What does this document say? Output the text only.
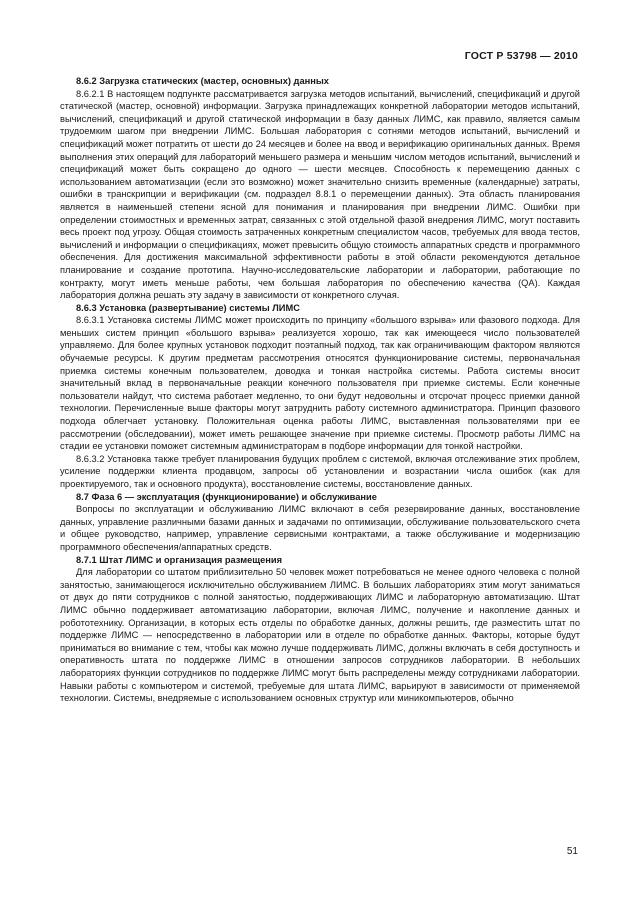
ГОСТ Р 53798 — 2010

8.6.2 Загрузка статических (мастер, основных) данных

8.6.2.1 В настоящем подпункте рассматривается загрузка методов испытаний, вычислений, спецификаций и другой статической (мастер, основной) информации. Загрузка принадлежащих конкретной лаборатории методов испытаний, вычислений, спецификаций и другой статической информации в базу данных ЛИМС, как правило, является самым трудоемким шагом при внедрении ЛИМС. Большая лаборатория с сотнями методов испытаний, вычислений и спецификаций может потратить от шести до 24 месяцев и более на ввод и верификацию оригинальных данных. Время выполнения этих операций для лабораторий меньшего размера и меньшим числом методов испытаний, вычислений и спецификаций может быть сокращено до одного — шести месяцев. Способность к перемещению данных с использованием автоматизации (если это возможно) может значительно снизить временные (календарные) затраты, ошибки в транскрипции и верификации (см. подраздел 8.8.1 о перемещении данных). Эта область планирования является в наименьшей степени ясной для понимания и планирования при внедрении ЛИМС. Ошибки при определении стоимостных и временных затрат, связанных с этой отдельной фазой внедрения ЛИМС, могут поставить весь проект под угрозу. Общая стоимость затраченных конкретным специалистом часов, требуемых для ввода тестов, вычислений и информации о спецификациях, может превысить общую стоимость аппаратных средств и программного обеспечения. Для достижения максимальной эффективности работы в этой области рекомендуются детальное планирование и создание прототипа. Научно-исследовательские лаборатории и лаборатории, работающие по контракту, могут иметь меньше работы, чем большая лаборатория по обеспечению качества (QA). Каждая лаборатория должна решать эту задачу в зависимости от конкретного случая.

8.6.3 Установка (развертывание) системы ЛИМС

8.6.3.1 Установка системы ЛИМС может происходить по принципу «большого взрыва» или фазового подхода. Для меньших систем принцип «большого взрыва» реализуется хорошо, так как имеющееся число пользователей управляемо. Для более крупных установок подходит поэтапный подход, так как ограничивающим фактором являются обучаемые ресурсы. К другим предметам рассмотрения относятся функционирование системы, первоначальная приемка системы конечным пользователем, доводка и тонкая настройка системы. Работа системы вносит значительный вклад в первоначальные реакции конечного пользователя при приемке системы. Если конечные пользователи найдут, что система работает медленно, то они будут недовольны и отсрочат процесс приемки данной технологии. Перечисленные выше факторы могут затруднить работу системного администратора. Принцип фазового подхода облегчает установку. Положительная оценка работы ЛИМС, выставленная пользователями при ее рассмотрении (обследовании), может иметь решающее значение при приемке системы. Просмотр работы ЛИМС на стадии ее установки поможет системным администраторам в подборе информации для тонкой настройки.

8.6.3.2 Установка также требует планирования будущих проблем с системой, включая отслеживание этих проблем, усиление поддержки клиента продавцом, запросы об установлении и возрастании числа ошибок (как для проектируемого, так и основного продукта), восстановление системы, восстановление данных.

8.7 Фаза 6 — эксплуатация (функционирование) и обслуживание

Вопросы по эксплуатации и обслуживанию ЛИМС включают в себя резервирование данных, восстановление данных, управление различными базами данных и задачами по оптимизации, обслуживание пользовательского счета и общее руководство, например, управление сервисными контрактами, а также обслуживание и модернизацию программного обеспечения/аппаратных средств.

8.7.1 Штат ЛИМС и организация размещения

Для лаборатории со штатом приблизительно 50 человек может потребоваться не менее одного человека с полной занятостью, занимающегося исключительно обслуживанием ЛИМС. В больших лабораториях этим могут заниматься от двух до пяти сотрудников с полной занятостью, поддерживающих ЛИМС и лабораторную автоматизацию. Штат ЛИМС обычно поддерживает автоматизацию лаборатории, включая ЛИМС, получение и накопление данных и робототехнику. Организации, в которых есть отделы по обработке данных, должны решить, где разместить штат по поддержке ЛИМС — непосредственно в лаборатории или в отделе по обработке данных. Факторы, которые будут приниматься во внимание с тем, чтобы как можно лучше поддерживать ЛИМС, должны включать в себя доступность и оперативность штата по поддержке ЛИМС в отношении запросов сотрудников лаборатории. В небольших лабораториях функции сотрудников по поддержке ЛИМС могут быть распределены между сотрудниками лаборатории. Навыки работы с компьютером и системой, требуемые для штата ЛИМС, варьируют в зависимости от применяемой технологии. Системы, внедряемые с использованием основных структур или миникомпьютеров, обычно

51
